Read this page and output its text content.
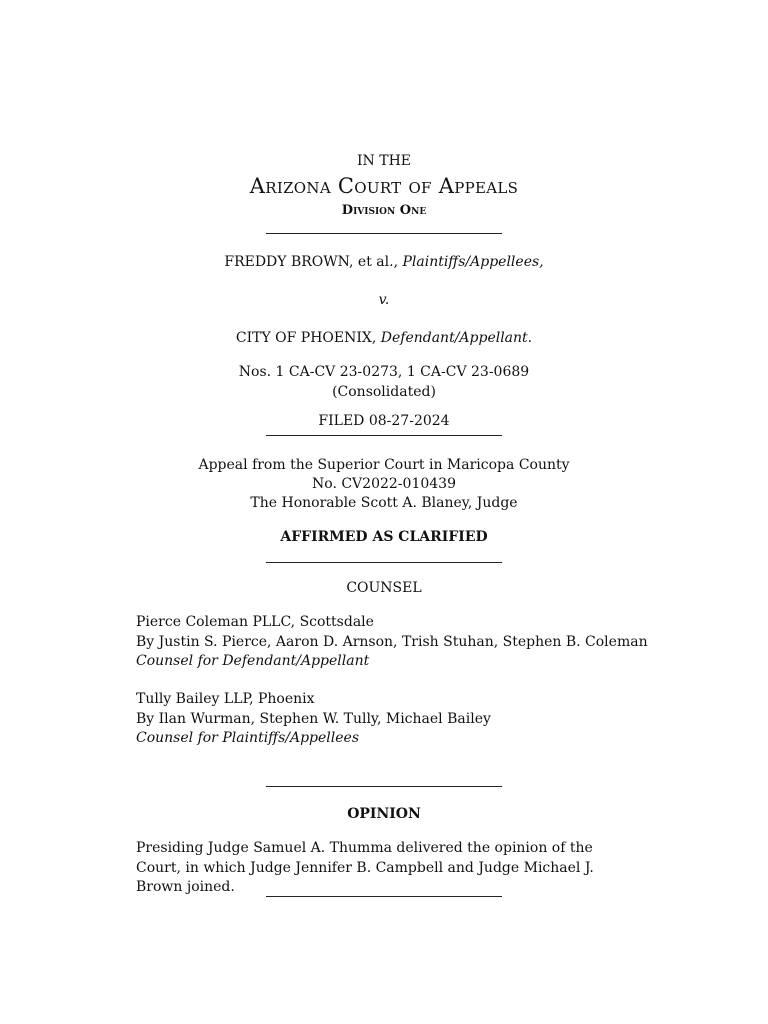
IN THE
Arizona Court of Appeals
Division One
FREDDY BROWN, et al., Plaintiffs/Appellees,
v.
CITY OF PHOENIX, Defendant/Appellant.
Nos. 1 CA-CV 23-0273, 1 CA-CV 23-0689
(Consolidated)
FILED 08-27-2024
Appeal from the Superior Court in Maricopa County
No. CV2022-010439
The Honorable Scott A. Blaney, Judge
AFFIRMED AS CLARIFIED
COUNSEL
Pierce Coleman PLLC, Scottsdale
By Justin S. Pierce, Aaron D. Arnson, Trish Stuhan, Stephen B. Coleman
Counsel for Defendant/Appellant
Tully Bailey LLP, Phoenix
By Ilan Wurman, Stephen W. Tully, Michael Bailey
Counsel for Plaintiffs/Appellees
OPINION
Presiding Judge Samuel A. Thumma delivered the opinion of the Court, in which Judge Jennifer B. Campbell and Judge Michael J. Brown joined.
